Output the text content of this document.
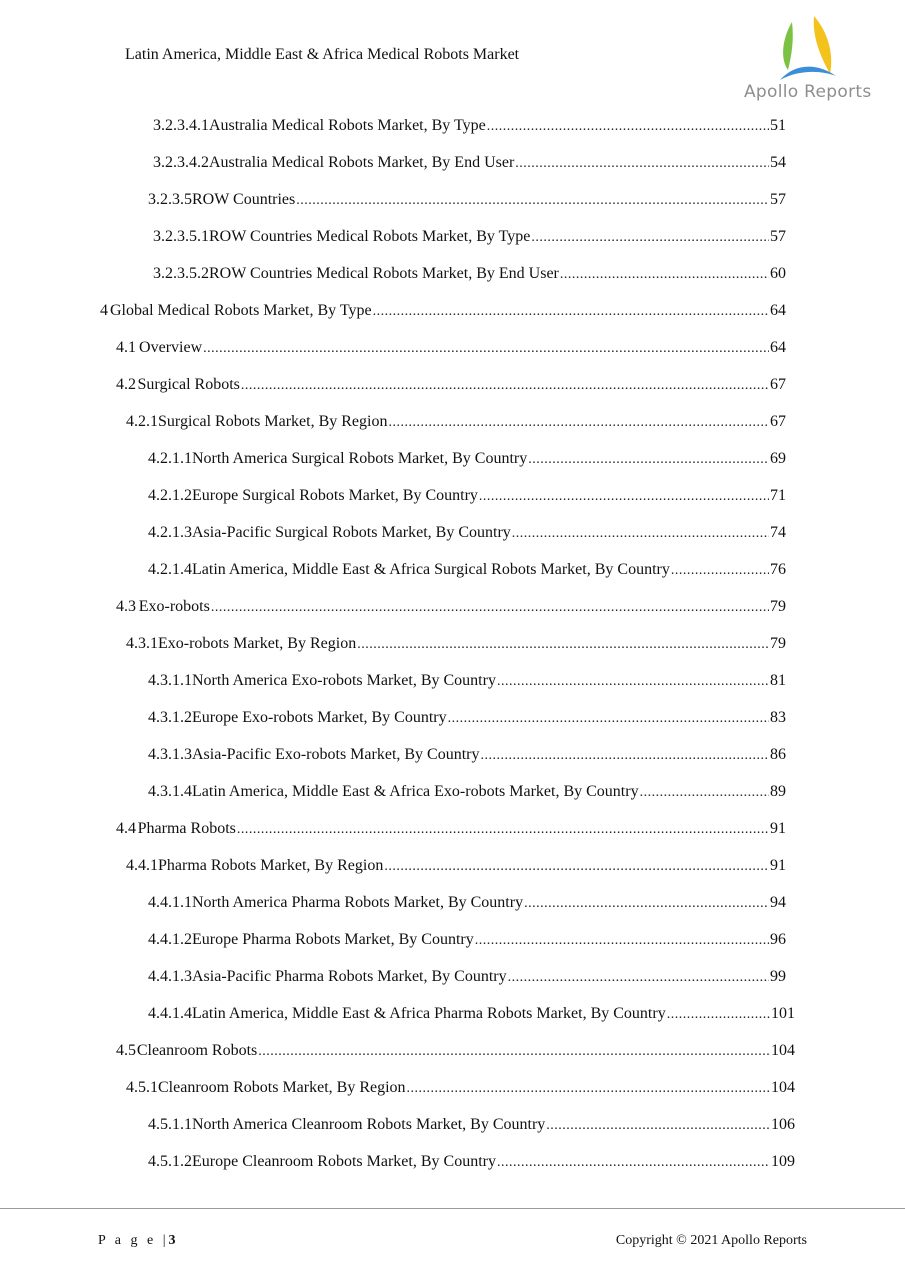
Latin America, Middle East & Africa Medical Robots Market
Apollo Reports
3.2.3.4.1 Australia Medical Robots Market, By Type .....	51
3.2.3.4.2 Australia Medical Robots Market, By End User .....	54
3.2.3.5 ROW Countries .....	57
3.2.3.5.1 ROW Countries Medical Robots Market, By Type .....	57
3.2.3.5.2 ROW Countries Medical Robots Market, By End User .....	60
4 Global Medical Robots Market, By Type .....	64
4.1 Overview .....	64
4.2 Surgical Robots .....	67
4.2.1 Surgical Robots Market, By Region .....	67
4.2.1.1 North America Surgical Robots Market, By Country .....	69
4.2.1.2 Europe Surgical Robots Market, By Country .....	71
4.2.1.3 Asia-Pacific Surgical Robots Market, By Country .....	74
4.2.1.4 Latin America, Middle East & Africa Surgical Robots Market, By Country .....	76
4.3 Exo-robots .....	79
4.3.1 Exo-robots Market, By Region .....	79
4.3.1.1 North America Exo-robots Market, By Country .....	81
4.3.1.2 Europe Exo-robots Market, By Country .....	83
4.3.1.3 Asia-Pacific Exo-robots Market, By Country .....	86
4.3.1.4 Latin America, Middle East & Africa Exo-robots Market, By Country .....	89
4.4 Pharma Robots .....	91
4.4.1 Pharma Robots Market, By Region .....	91
4.4.1.1 North America Pharma Robots Market, By Country .....	94
4.4.1.2 Europe Pharma Robots Market, By Country .....	96
4.4.1.3 Asia-Pacific Pharma Robots Market, By Country .....	99
4.4.1.4 Latin America, Middle East & Africa Pharma Robots Market, By Country .....	101
4.5 Cleanroom Robots .....	104
4.5.1 Cleanroom Robots Market, By Region .....	104
4.5.1.1 North America Cleanroom Robots Market, By Country .....	106
4.5.1.2 Europe Cleanroom Robots Market, By Country .....	109
P a g e |3	Copyright © 2021 Apollo Reports
